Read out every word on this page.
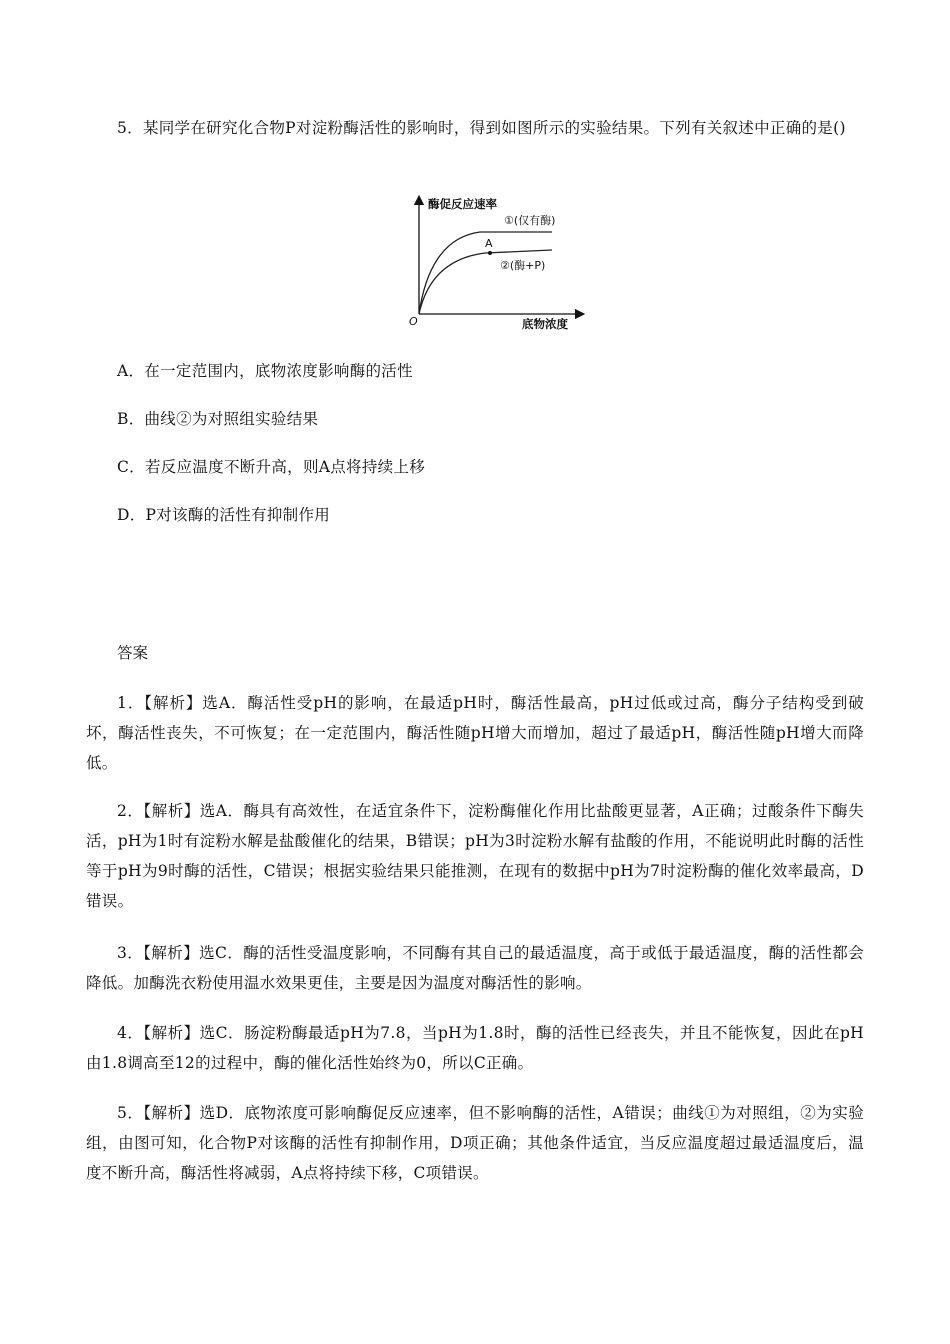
5．某同学在研究化合物P对淀粉酶活性的影响时，得到如图所示的实验结果。下列有关叙述中正确的是()
酶促反应速率
①(仅有酶)
A
②(酶+P)
O	底物浓度
A．在一定范围内，底物浓度影响酶的活性
B．曲线②为对照组实验结果
C．若反应温度不断升高，则A点将持续上移
D．P对该酶的活性有抑制作用
答案
1．【解析】选A．酶活性受pH的影响，在最适pH时，酶活性最高，pH过低或过高，酶分子结构受到破坏，酶活性丧失，不可恢复；在一定范围内，酶活性随pH增大而增加，超过了最适pH，酶活性随pH增大而降低。
2．【解析】选A．酶具有高效性，在适宜条件下，淀粉酶催化作用比盐酸更显著，A正确；过酸条件下酶失活，pH为1时有淀粉水解是盐酸催化的结果，B错误；pH为3时淀粉水解有盐酸的作用，不能说明此时酶的活性等于pH为9时酶的活性，C错误；根据实验结果只能推测，在现有的数据中pH为7时淀粉酶的催化效率最高，D错误。
3．【解析】选C．酶的活性受温度影响，不同酶有其自己的最适温度，高于或低于最适温度，酶的活性都会降低。加酶洗衣粉使用温水效果更佳，主要是因为温度对酶活性的影响。
4．【解析】选C．肠淀粉酶最适pH为7.8，当pH为1.8时，酶的活性已经丧失，并且不能恢复，因此在pH由1.8调高至12的过程中，酶的催化活性始终为0，所以C正确。
5．【解析】选D．底物浓度可影响酶促反应速率，但不影响酶的活性，A错误；曲线①为对照组，②为实验组，由图可知，化合物P对该酶的活性有抑制作用，D项正确；其他条件适宜，当反应温度超过最适温度后，温度不断升高，酶活性将减弱，A点将持续下移，C项错误。
